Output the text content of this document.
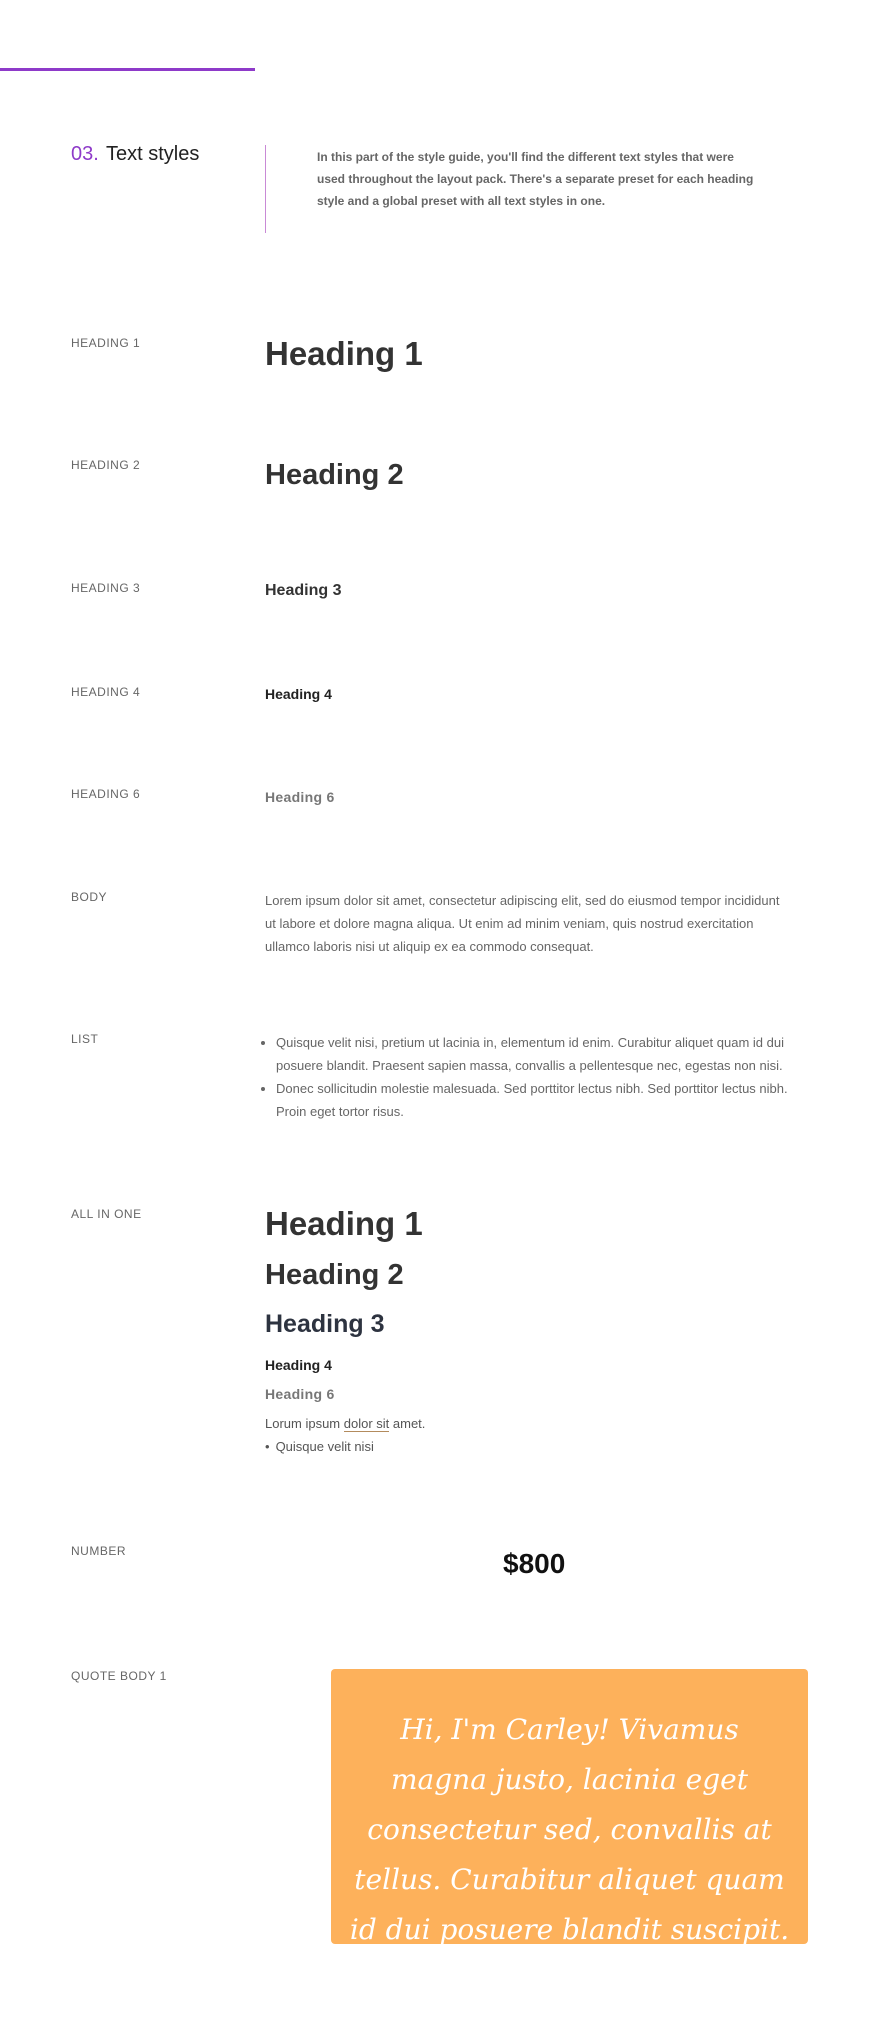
03. Text styles	In this part of the style guide, you'll find the different text styles that were used throughout the layout pack. There's a separate preset for each heading style and a global preset with all text styles in one.
HEADING 1	Heading 1
HEADING 2	Heading 2
HEADING 3	Heading 3
HEADING 4	Heading 4
HEADING 6	Heading 6
BODY	Lorem ipsum dolor sit amet, consectetur adipiscing elit, sed do eiusmod tempor incididunt ut labore et dolore magna aliqua. Ut enim ad minim veniam, quis nostrud exercitation ullamco laboris nisi ut aliquip ex ea commodo consequat.
LIST
•	Quisque velit nisi, pretium ut lacinia in, elementum id enim. Curabitur aliquet quam id dui posuere blandit. Praesent sapien massa, convallis a pellentesque nec, egestas non nisi.
• Donec sollicitudin molestie malesuada. Sed porttitor lectus nibh. Sed porttitor lectus nibh. Proin eget tortor risus.
ALL IN ONE	Heading 1
Heading 2
Heading 3
Heading 4
Heading 6
Lorum ipsum dolor sit amet.
• Quisque velit nisi
NUMBER	$800
QUOTE BODY 1
Hi, I'm Carley! Vivamus magna justo, lacinia eget consectetur sed, convallis at tellus. Curabitur aliquet quam id dui posuere blandit suscipit.
